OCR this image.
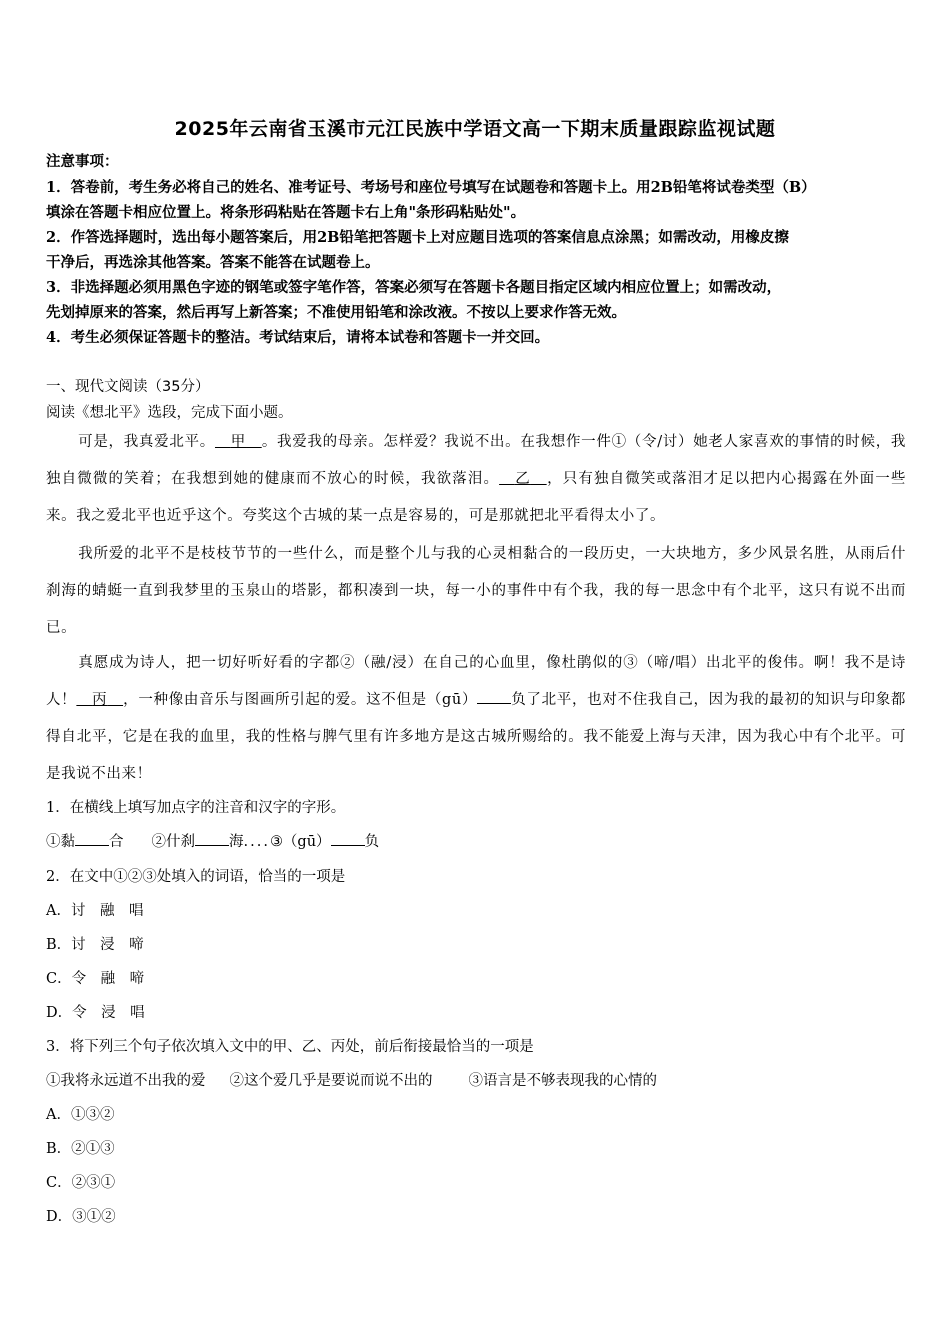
2025年云南省玉溪市元江民族中学语文高一下期末质量跟踪监视试题
注意事项：
1．答卷前，考生务必将自己的姓名、准考证号、考场号和座位号填写在试题卷和答题卡上。用2B铅笔将试卷类型（B）
填涂在答题卡相应位置上。将条形码粘贴在答题卡右上角"条形码粘贴处"。
2．作答选择题时，选出每小题答案后，用2B铅笔把答题卡上对应题目选项的答案信息点涂黑；如需改动，用橡皮擦
干净后，再选涂其他答案。答案不能答在试题卷上。
3．非选择题必须用黑色字迹的钢笔或签字笔作答，答案必须写在答题卡各题目指定区域内相应位置上；如需改动，
先划掉原来的答案，然后再写上新答案；不准使用铅笔和涂改液。不按以上要求作答无效。
4．考生必须保证答题卡的整洁。考试结束后，请将本试卷和答题卡一并交回。
一、现代文阅读（35分）
阅读《想北平》选段，完成下面小题。
可是，我真爱北平。   甲   。我爱我的母亲。怎样爱？我说不出。在我想作一件①（令/讨）她老人家喜欢的事情的时候，我独自微微的笑着；在我想到她的健康而不放心的时候，我欲落泪。   乙   ，只有独自微笑或落泪才足以把内心揭露在外面一些来。我之爱北平也近乎这个。夸奖这个古城的某一点是容易的，可是那就把北平看得太小了。
我所爱的北平不是枝枝节节的一些什么，而是整个儿与我的心灵相黏合的一段历史，一大块地方，多少风景名胜，从雨后什刹海的蜻蜓一直到我梦里的玉泉山的塔影，都积凑到一块，每一小的事件中有个我，我的每一思念中有个北平，这只有说不出而已。
真愿成为诗人，把一切好听好看的字都②（融/浸）在自己的心血里，像杜鹃似的③（啼/唱）出北平的俊伟。啊！我不是诗人！   丙   ，一种像由音乐与图画所引起的爱。这不但是（gū） 负了北平，也对不住我自己，因为我的最初的知识与印象都得自北平，它是在我的血里，我的性格与脾气里有许多地方是这古城所赐给的。我不能爱上海与天津，因为我心中有个北平。可是我说不出来！
1．在横线上填写加点字的注音和汉字的字形。
①黏 合 ②什刹 海....③（gū） 负
2．在文中①②③处填入的词语，恰当的一项是
A．讨　融　唱
B．讨　浸　啼
C．令　融　啼
D．令　浸　唱
3．将下列三个句子依次填入文中的甲、乙、丙处，前后衔接最恰当的一项是
①我将永远道不出我的爱 ②这个爱几乎是要说而说不出的 ③语言是不够表现我的心情的
A．①③②
B．②①③
C．②③①
D．③①②
